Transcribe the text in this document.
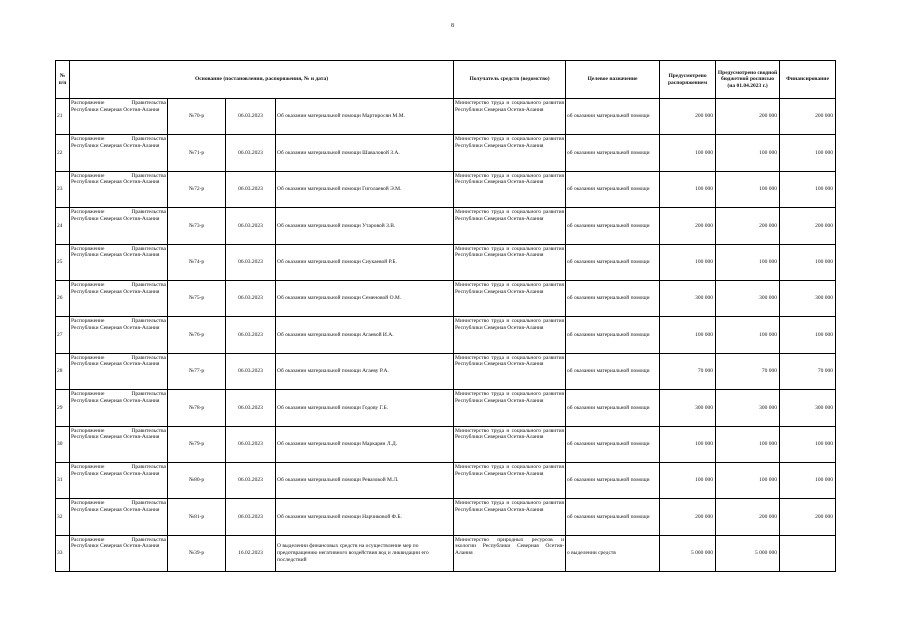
8
№ п/п	Основание (постановления, распоряжения, № и дата)				Получатель средств (ведомство)	Целевое назначение	Предусмотрено распоряжением	Предусмотрено сводной бюджетной росписью (на 01.04.2023 г.)	Финансирование
21	Распоряжение Правительства Республики Северная Осетия-Алания	№70-р	06.03.2023	Об оказании материальной помощи Мартиросян М.М.	Министерство труда и социального развития Республики Северная Осетия-Алания	об оказании материальной помощи	200 000	200 000	200 000
22	Распоряжение Правительства Республики Северная Осетия-Алания	№71-р	06.03.2023	Об оказании материальной помощи Шаваловой З.А.	Министерство труда и социального развития Республики Северная Осетия-Алания	об оказании материальной помощи	100 000	100 000	100 000
23	Распоряжение Правительства Республики Северная Осетия-Алания	№72-р	06.03.2023	Об оказании материальной помощи Гиголаевой Э.М.	Министерство труда и социального развития Республики Северная Осетия-Алания	об оказании материальной помощи	100 000	100 000	100 000
24	Распоряжение Правительства Республики Северная Осетия-Алания	№73-р	06.03.2023	Об оказании материальной помощи Утаровой З.В.	Министерство труда и социального развития Республики Северная Осетия-Алания	об оказании материальной помощи	200 000	200 000	200 000
25	Распоряжение Правительства Республики Северная Осетия-Алания	№74-р	06.03.2023	Об оказании материальной помощи Сиукаевой Р.Б.	Министерство труда и социального развития Республики Северная Осетия-Алания	об оказании материальной помощи	100 000	100 000	100 000
26	Распоряжение Правительства Республики Северная Осетия-Алания	№75-р	06.03.2023	Об оказании материальной помощи Семеновой О.М.	Министерство труда и социального развития Республики Северная Осетия-Алания	об оказании материальной помощи	300 000	300 000	300 000
27	Распоряжение Правительства Республики Северная Осетия-Алания	№76-р	06.03.2023	Об оказании материальной помощи Агаевой И.А.	Министерство труда и социального развития Республики Северная Осетия-Алания	об оказании материальной помощи	100 000	100 000	100 000
28	Распоряжение Правительства Республики Северная Осетия-Алания	№77-р	06.03.2023	Об оказании материальной помощи Агаеву Р.А.	Министерство труда и социального развития Республики Северная Осетия-Алания	об оказании материальной помощи	70 000	70 000	70 000
29	Распоряжение Правительства Республики Северная Осетия-Алания	№78-р	06.03.2023	Об оказании материальной помощи Годову Г.Б.	Министерство труда и социального развития Республики Северная Осетия-Алания	об оказании материальной помощи	300 000	300 000	300 000
30	Распоряжение Правительства Республики Северная Осетия-Алания	№79-р	06.03.2023	Об оказании материальной помощи Маркарян Л.Д.	Министерство труда и социального развития Республики Северная Осетия-Алания	об оказании материальной помощи	100 000	100 000	100 000
31	Распоряжение Правительства Республики Северная Осетия-Алания	№80-р	06.03.2023	Об оказании материальной помощи Ревазовой М.Л.	Министерство труда и социального развития Республики Северная Осетия-Алания	об оказании материальной помощи	100 000	100 000	100 000
32	Распоряжение Правительства Республики Северная Осетия-Алания	№81-р	06.03.2023	Об оказании материальной помощи Нарчиковой Ф.Б.	Министерство труда и социального развития Республики Северная Осетия-Алания	об оказании материальной помощи	200 000	200 000	200 000
33	Распоряжение Правительства Республики Северная Осетия-Алания	№39-р	16.02.2023	О выделении финансовых средств на осуществление мер по предотвращению негативного воздействия вод и ликвидации его последствий	Министерство природных ресурсов и экологии Республики Северная Осетия-Алания	о выделении средств	5 000 000	5 000 000	
